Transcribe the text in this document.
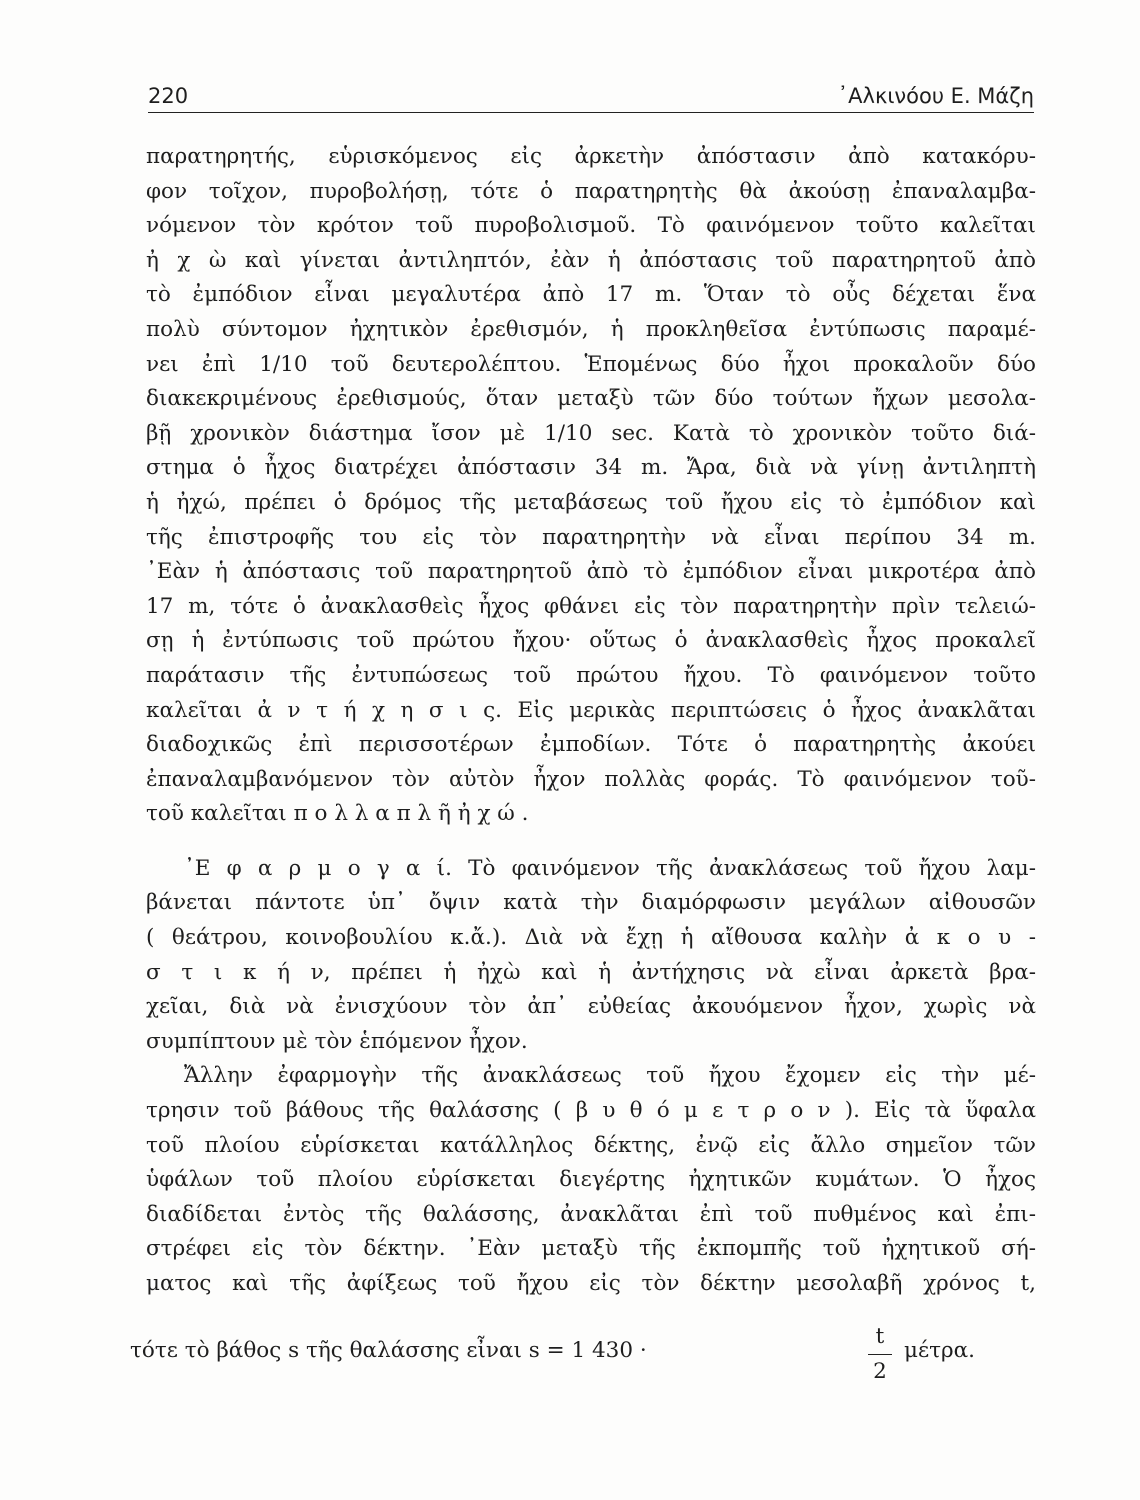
220	᾿Αλκινόου Ε. Μάζη
παρατηρητής, εὑρισκόμενος εἰς ἀρκετὴν ἀπόστασιν ἀπὸ κατακόρυ-
φον τοῖχον, πυροβολήσῃ, τότε ὁ παρατηρητὴς θὰ ἀκούσῃ ἐπαναλαμβα-
νόμενον τὸν κρότον τοῦ πυροβολισμοῦ. Τὸ φαινόμενον τοῦτο καλεῖται
ἠ χ ὼ καὶ γίνεται ἀντιληπτόν, ἐὰν ἡ ἀπόστασις τοῦ παρατηρητοῦ ἀπὸ
τὸ ἐμπόδιον εἶναι μεγαλυτέρα ἀπὸ 17 m. Ὅταν τὸ οὖς δέχεται ἕνα
πολὺ σύντομον ἠχητικὸν ἐρεθισμόν, ἡ προκληθεῖσα ἐντύπωσις παραμέ-
νει ἐπὶ 1/10 τοῦ δευτερολέπτου. Ἑπομένως δύο ἦχοι προκαλοῦν δύο
διακεκριμένους ἐρεθισμούς, ὅταν μεταξὺ τῶν δύο τούτων ἤχων μεσολα-
βῇ χρονικὸν διάστημα ἴσον μὲ 1/10 sec. Κατὰ τὸ χρονικὸν τοῦτο διά-
στημα ὁ ἦχος διατρέχει ἀπόστασιν 34 m. Ἄρα, διὰ νὰ γίνῃ ἀντιληπτὴ
ἡ ἠχώ, πρέπει ὁ δρόμος τῆς μεταβάσεως τοῦ ἤχου εἰς τὸ ἐμπόδιον καὶ
τῆς ἐπιστροφῆς του εἰς τὸν παρατηρητὴν νὰ εἶναι περίπου 34 m.
᾿Εὰν ἡ ἀπόστασις τοῦ παρατηρητοῦ ἀπὸ τὸ ἐμπόδιον εἶναι μικροτέρα ἀπὸ
17 m, τότε ὁ ἀνακλασθεὶς ἦχος φθάνει εἰς τὸν παρατηρητὴν πρὶν τελειώ-
σῃ ἡ ἐντύπωσις τοῦ πρώτου ἤχου· οὕτως ὁ ἀνακλασθεὶς ἦχος προκαλεῖ
παράτασιν τῆς ἐντυπώσεως τοῦ πρώτου ἤχου. Τὸ φαινόμενον τοῦτο
καλεῖται ἀ ν τ ή χ η σ ι ς. Εἰς μερικὰς περιπτώσεις ὁ ἦχος ἀνακλᾶται
διαδοχικῶς ἐπὶ περισσοτέρων ἐμποδίων. Τότε ὁ παρατηρητὴς ἀκούει
ἐπαναλαμβανόμενον τὸν αὐτὸν ἦχον πολλὰς φοράς. Τὸ φαινόμενον τοῦ-
τοῦ καλεῖται π ο λ λ α π λ ῆ ἠ χ ώ .
᾿Ε φ α ρ μ ο γ α ί. Τὸ φαινόμενον τῆς ἀνακλάσεως τοῦ ἤχου λαμ-
βάνεται πάντοτε ὑπ᾿ ὄψιν κατὰ τὴν διαμόρφωσιν μεγάλων αἰθουσῶν
( θεάτρου, κοινοβουλίου κ.ἄ.). Διὰ νὰ ἔχῃ ἡ αἴθουσα καλὴν ἀ κ ο υ -
σ τ ι κ ή ν, πρέπει ἡ ἠχὼ καὶ ἡ ἀντήχησις νὰ εἶναι ἀρκετὰ βρα-
χεῖαι, διὰ νὰ ἐνισχύουν τὸν ἀπ᾿ εὐθείας ἀκουόμενον ἦχον, χωρὶς νὰ
συμπίπτουν μὲ τὸν ἑπόμενον ἦχον.
Ἄλλην ἐφαρμογὴν τῆς ἀνακλάσεως τοῦ ἤχου ἔχομεν εἰς τὴν μέ-
τρησιν τοῦ βάθους τῆς θαλάσσης ( β υ θ ό μ ε τ ρ ο ν ). Εἰς τὰ ὕφαλα
τοῦ πλοίου εὑρίσκεται κατάλληλος δέκτης, ἐνῷ εἰς ἄλλο σημεῖον τῶν
ὑφάλων τοῦ πλοίου εὑρίσκεται διεγέρτης ἠχητικῶν κυμάτων. Ὁ ἦχος
διαδίδεται ἐντὸς τῆς θαλάσσης, ἀνακλᾶται ἐπὶ τοῦ πυθμένος καὶ ἐπι-
στρέφει εἰς τὸν δέκτην. ᾿Εὰν μεταξὺ τῆς ἐκπομπῆς τοῦ ἠχητικοῦ σή-
ματος καὶ τῆς ἀφίξεως τοῦ ἤχου εἰς τὸν δέκτην μεσολαβῆ χρόνος t,
τότε τὸ βάθος s τῆς θαλάσσης εἶναι s = 1 430 ·
t
2
μέτρα.
